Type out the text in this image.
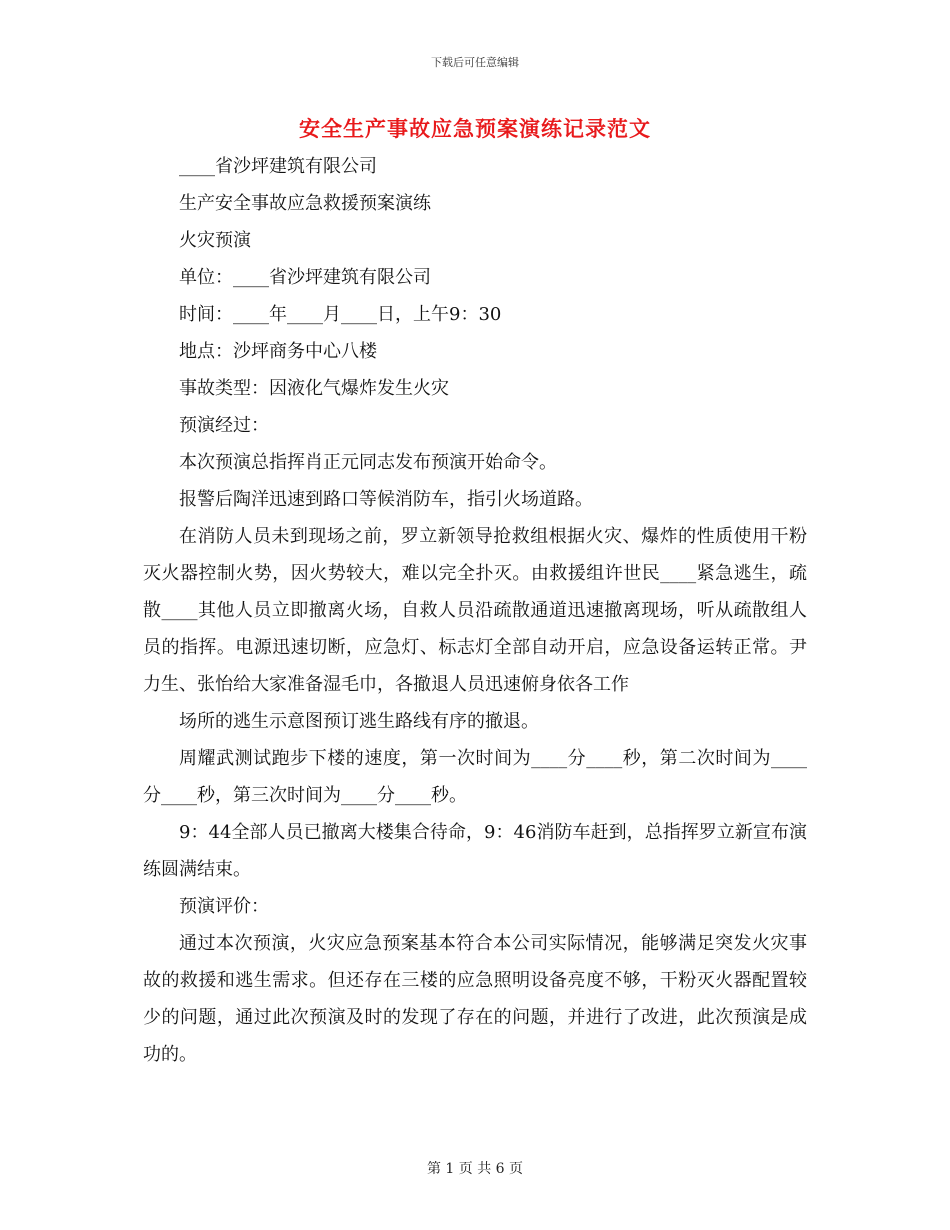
下载后可任意编辑
安全生产事故应急预案演练记录范文

____省沙坪建筑有限公司

生产安全事故应急救援预案演练

火灾预演

单位：____省沙坪建筑有限公司

时间：____年____月____日，上午9：30

地点：沙坪商务中心八楼

事故类型：因液化气爆炸发生火灾

预演经过：

本次预演总指挥肖正元同志发布预演开始命令。

报警后陶洋迅速到路口等候消防车，指引火场道路。

在消防人员未到现场之前，罗立新领导抢救组根据火灾、爆炸的性质使用干粉灭火器控制火势，因火势较大，难以完全扑灭。由救援组许世民____紧急逃生，疏散____其他人员立即撤离火场，自救人员沿疏散通道迅速撤离现场，听从疏散组人员的指挥。电源迅速切断，应急灯、标志灯全部自动开启，应急设备运转正常。尹力生、张怡给大家准备湿毛巾，各撤退人员迅速俯身依各工作

场所的逃生示意图预订逃生路线有序的撤退。

周耀武测试跑步下楼的速度，第一次时间为____分____秒，第二次时间为____分____秒，第三次时间为____分____秒。

9：44全部人员已撤离大楼集合待命，9：46消防车赶到，总指挥罗立新宣布演练圆满结束。

预演评价：

通过本次预演，火灾应急预案基本符合本公司实际情况，能够满足突发火灾事故的救援和逃生需求。但还存在三楼的应急照明设备亮度不够，干粉灭火器配置较少的问题，通过此次预演及时的发现了存在的问题，并进行了改进，此次预演是成功的。

第 1 页 共 6 页
